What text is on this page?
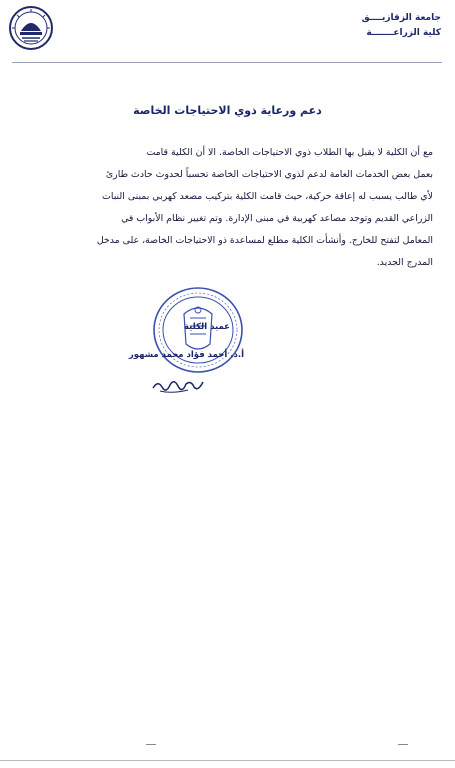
جامعة الزقازيــــق
كلية الزراعـــــــة
دعم ورعاية ذوي الاحتياجات الخاصة
مع أن الكلية لا يقبل بها الطلاب ذوي الاحتياجات الخاصة. الا أن الكلية قامت
بعمل بعض الخدمات العامة لدعم لذوي الاحتياجات الخاصة تحسباً لحدوث حادث طارئ
لأي طالب يسبب له إعاقة حركية، حيث قامت الكلية بتركيب مصعد كهربي بمبنى النبات
الزراعي القديم وتوجد مصاعد كهربية في مبنى الإدارة. وتم تغيير نظام الأبواب في
المعامل لتفتح للخارج. وأنشأت الكلية مطلع لمساعدة ذو الاحتياجات الخاصة، على مدخل
المدرج الجديد.
عميد الكلية
أ.د. أحمد فؤاد محمد مشهور
